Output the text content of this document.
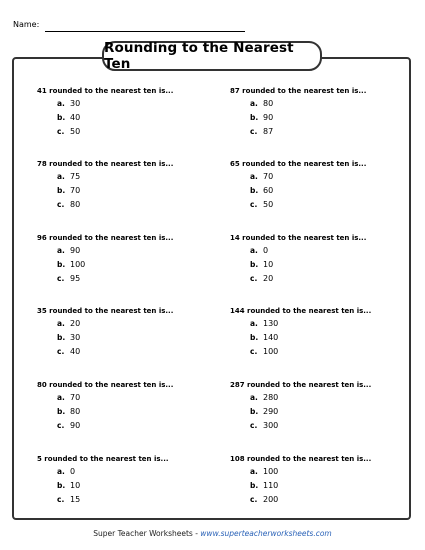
Name:
Rounding to the Nearest Ten
41 rounded to the nearest ten is...
a. 30
b. 40
c. 50
87 rounded to the nearest ten is...
a. 80
b. 90
c. 87
78 rounded to the nearest ten is...
a. 75
b. 70
c. 80
65 rounded to the nearest ten is...
a. 70
b. 60
c. 50
96 rounded to the nearest ten is...
a. 90
b. 100
c. 95
14 rounded to the nearest ten is...
a. 0
b. 10
c. 20
35 rounded to the nearest ten is...
a. 20
b. 30
c. 40
144 rounded to the nearest ten is...
a. 130
b. 140
c. 100
80 rounded to the nearest ten is...
a. 70
b. 80
c. 90
287 rounded to the nearest ten is...
a. 280
b. 290
c. 300
5 rounded to the nearest ten is...
a. 0
b. 10
c. 15
108 rounded to the nearest ten is...
a. 100
b. 110
c. 200
Super Teacher Worksheets - www.superteacherworksheets.com
